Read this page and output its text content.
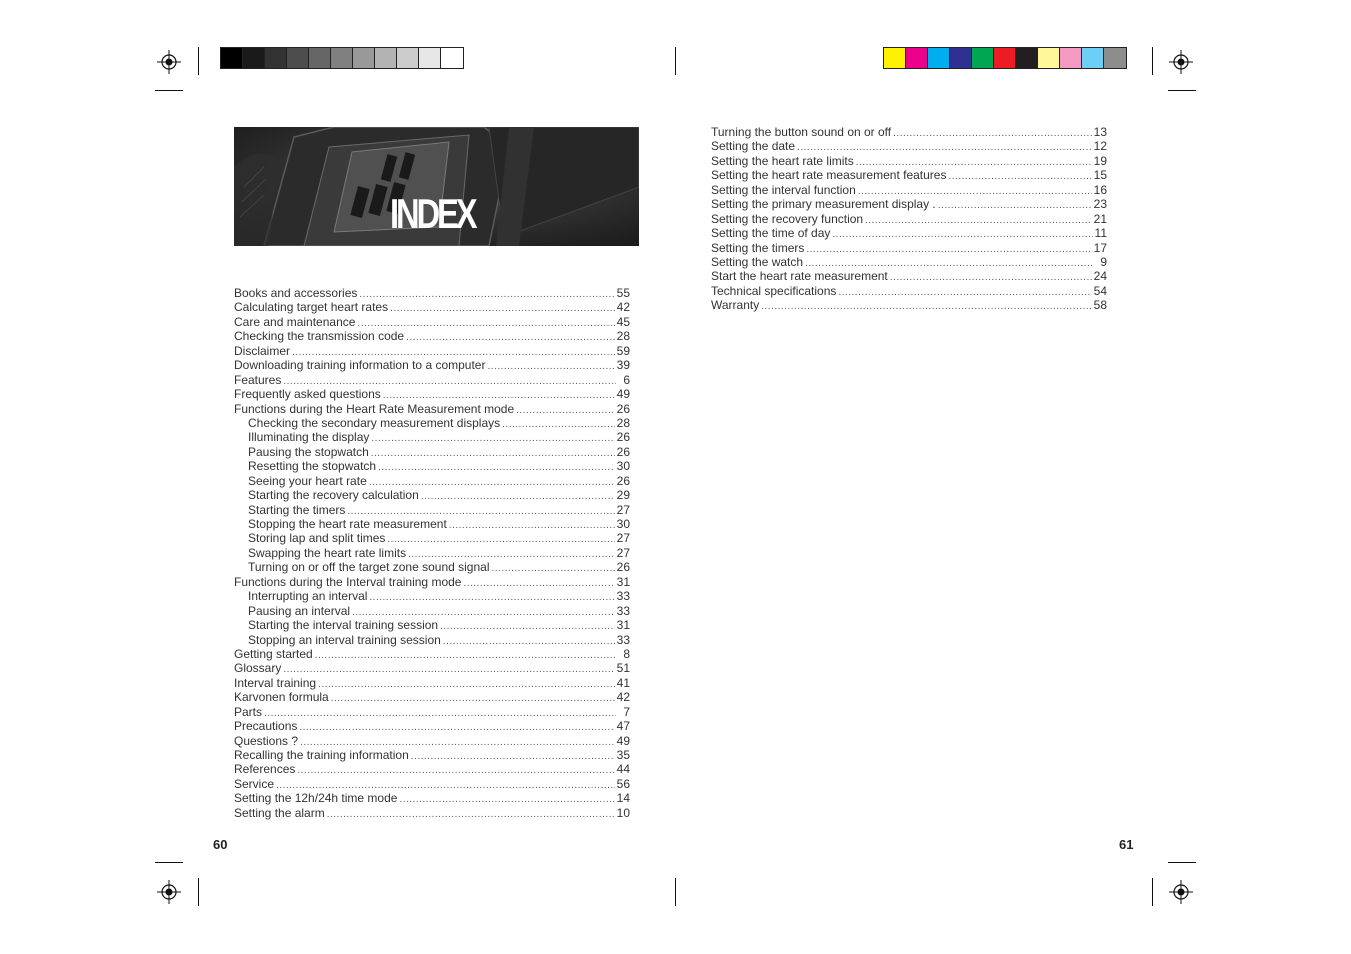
INDEX
Books and accessories .....	55
Calculating target heart rates .....	42
Care and maintenance .....	45
Checking the transmission code .....	28
Disclaimer .....	59
Downloading training information to a computer .....	39
Features .....	6
Frequently asked questions .....	49
Functions during the Heart Rate Measurement mode .....	26
Checking the secondary measurement displays .....	28
Illuminating the display .....	26
Pausing the stopwatch .....	26
Resetting the stopwatch .....	30
Seeing your heart rate .....	26
Starting the recovery calculation .....	29
Starting the timers .....	27
Stopping the heart rate measurement .....	30
Storing lap and split times .....	27
Swapping the heart rate limits .....	27
Turning on or off the target zone sound signal .....	26
Functions during the Interval training mode .....	31
Interrupting an interval .....	33
Pausing an interval .....	33
Starting the interval training session .....	31
Stopping an interval training session .....	33
Getting started .....	8
Glossary .....	51
Interval training .....	41
Karvonen formula .....	42
Parts .....	7
Precautions .....	47
Questions ? .....	49
Recalling the training information .....	35
References .....	44
Service .....	56
Setting the 12h/24h time mode .....	14
Setting the alarm .....	10
Turning the button sound on or off .....	13
Setting the date .....	12
Setting the heart rate limits .....	19
Setting the heart rate measurement features .....	15
Setting the interval function .....	16
Setting the primary measurement display . .....	23
Setting the recovery function .....	21
Setting the time of day .....	11
Setting the timers .....	17
Setting the watch .....	9
Start the heart rate measurement .....	24
Technical specifications .....	54
Warranty .....	58
60	61
